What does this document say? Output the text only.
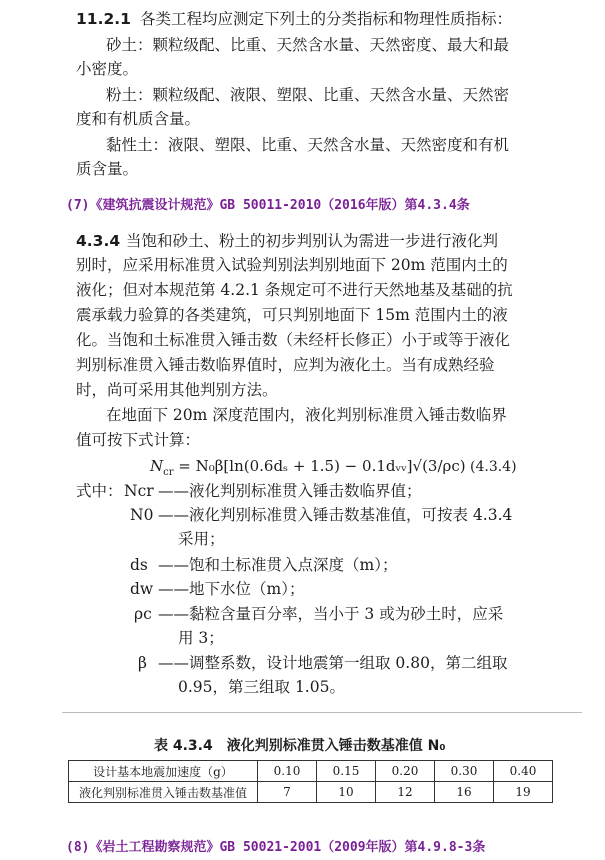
11.2.1 各类工程均应测定下列土的分类指标和物理性质指标：
砂土：颗粒级配、比重、天然含水量、天然密度、最大和最
小密度。
粉土：颗粒级配、液限、塑限、比重、天然含水量、天然密
度和有机质含量。
黏性土：液限、塑限、比重、天然含水量、天然密度和有机
质含量。
(7)《建筑抗震设计规范》GB 50011-2010（2016年版）第4.3.4条
4.3.4 当饱和砂土、粉土的初步判别认为需进一步进行液化判
别时，应采用标准贯入试验判别法判别地面下 20m 范围内土的
液化；但对本规范第 4.2.1 条规定可不进行天然地基及基础的抗
震承载力验算的各类建筑，可只判别地面下 15m 范围内土的液
化。当饱和土标准贯入锤击数（未经杆长修正）小于或等于液化
判别标准贯入锤击数临界值时，应判为液化土。当有成熟经验
时，尚可采用其他判别方法。
在地面下 20m 深度范围内，液化判别标准贯入锤击数临界
值可按下式计算：
$N_{cr} = N_0\beta[\ln(0.6d_s + 1.5)$ − 0.1dᵥᵥ]√(3/ρc) (4.3.4)
式中： Ncr ——液化判别标准贯入锤击数临界值；
N0 ——液化判别标准贯入锤击数基准值，可按表 4.3.4
采用；
ds ——饱和土标准贯入点深度（m）；
dw ——地下水位（m）；
ρc ——黏粒含量百分率，当小于 3 或为砂土时，应采
用 3；
β ——调整系数，设计地震第一组取 0.80，第二组取
0.95，第三组取 1.05。
表 4.3.4　液化判别标准贯入锤击数基准值 N₀
设计基本地震加速度（g）	0.10	0.15	0.20	0.30	0.40
液化判别标准贯入锤击数基准值	7	10	12	16	19
(8)《岩土工程勘察规范》GB 50021-2001（2009年版）第4.9.8-3条
